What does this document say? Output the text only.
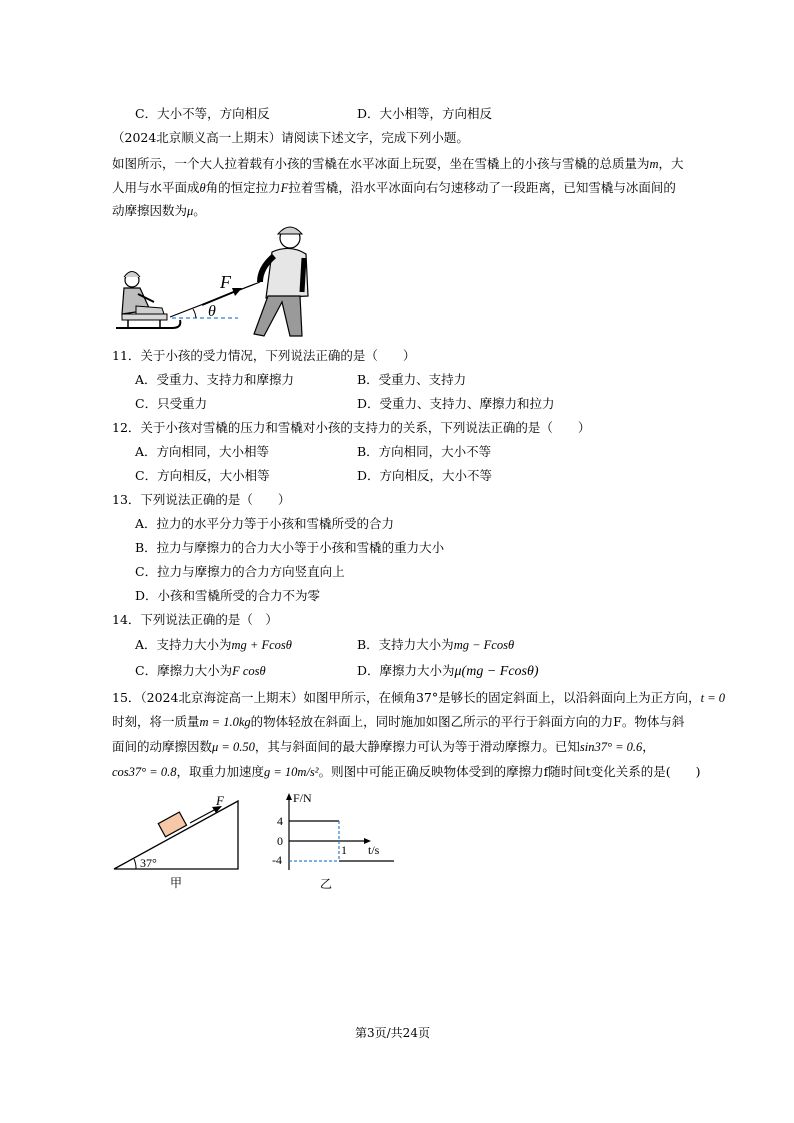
C．大小不等，方向相反	D．大小相等，方向相反
（2024北京顺义高一上期末）请阅读下述文字，完成下列小题。
如图所示，一个大人拉着载有小孩的雪橇在水平冰面上玩耍，坐在雪橇上的小孩与雪橇的总质量为m，大
人用与水平面成θ角的恒定拉力F拉着雪橇，沿水平冰面向右匀速移动了一段距离，已知雪橇与冰面间的
动摩擦因数为μ。
F
θ
11．关于小孩的受力情况，下列说法正确的是（　　）
A．受重力、支持力和摩擦力	B．受重力、支持力
C．只受重力	D．受重力、支持力、摩擦力和拉力
12．关于小孩对雪橇的压力和雪橇对小孩的支持力的关系，下列说法正确的是（　　）
A．方向相同，大小相等	B．方向相同，大小不等
C．方向相反，大小相等	D．方向相反，大小不等
13．下列说法正确的是（　　）
A．拉力的水平分力等于小孩和雪橇所受的合力
B．拉力与摩擦力的合力大小等于小孩和雪橇的重力大小
C．拉力与摩擦力的合力方向竖直向上
D．小孩和雪橇所受的合力不为零
14．下列说法正确的是（　）
A．支持力大小为mg + Fcosθ	B．支持力大小为mg − Fcosθ
C．摩擦力大小为F cosθ	D．摩擦力大小为μ(mg − Fcosθ)
15．（2024北京海淀高一上期末）如图甲所示，在倾角37°是够长的固定斜面上，以沿斜面向上为正方向，t = 0
时刻，将一质量m = 1.0kg的物体轻放在斜面上，同时施加如图乙所示的平行于斜面方向的力F。物体与斜
面间的动摩擦因数μ = 0.50，其与斜面间的最大静摩擦力可认为等于滑动摩擦力。已知sin37° = 0.6，
cos37° = 0.8，取重力加速度g = 10m/s²。则图中可能正确反映物体受到的摩擦力f随时间t变化关系的是(　　)
F
37°
甲
F/N
t/s
4
0
-4
1
乙
第3页/共24页
